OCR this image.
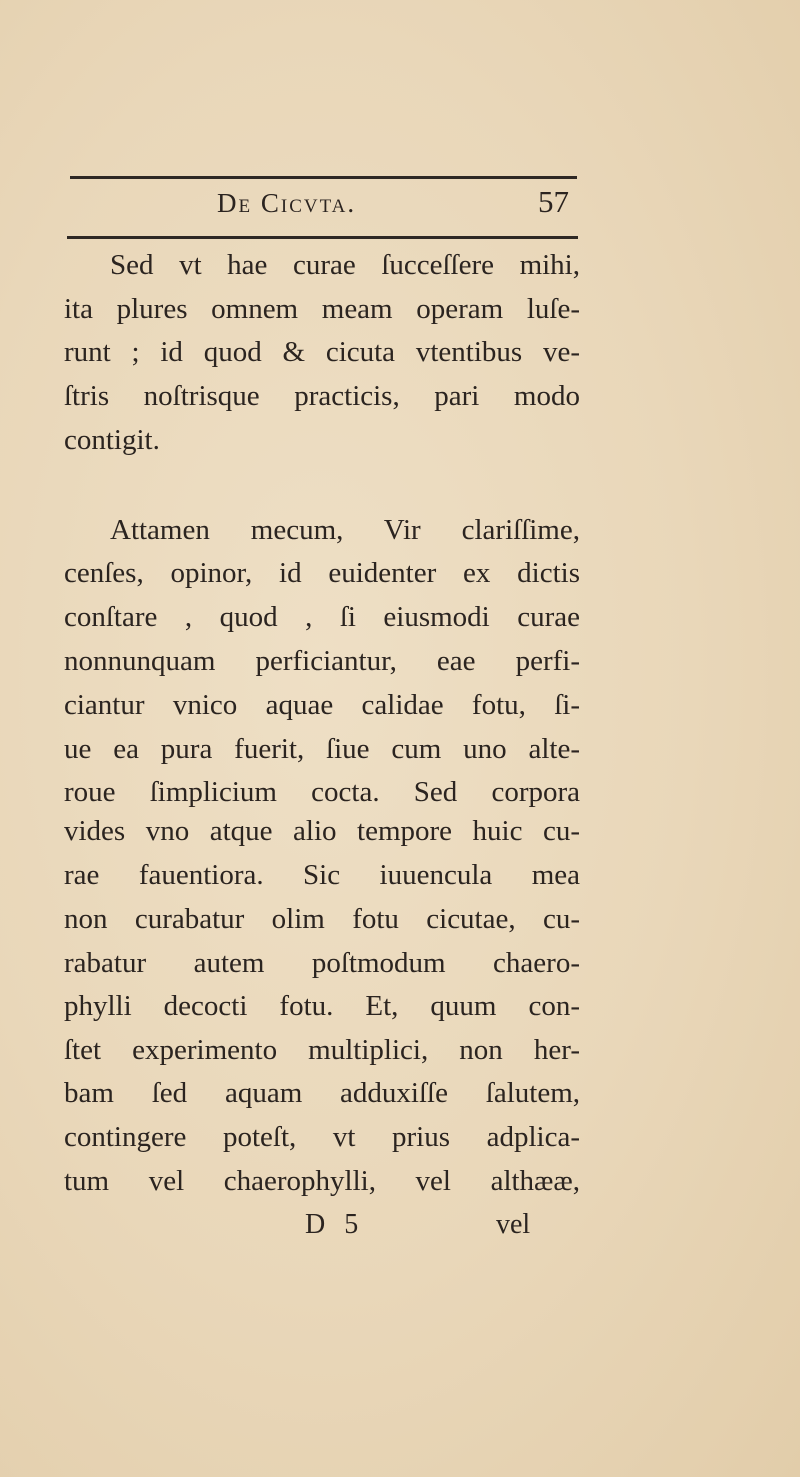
De Cicvta.	57
Sed vt hae curae ſucceſſere mihi,
ita plures omnem meam operam luſe-
runt ; id quod & cicuta vtentibus ve-
ſtris noſtrisque practicis, pari modo
contigit.
Attamen mecum, Vir clariſſime,
cenſes, opinor, id euidenter ex dictis
conſtare , quod , ſi eiusmodi curae
nonnunquam perficiantur, eae perfi-
ciantur vnico aquae calidae fotu, ſi-
ue ea pura fuerit, ſiue cum uno alte-
roue ſimplicium cocta. Sed corpora
vides vno atque alio tempore huic cu-
rae fauentiora. Sic iuuencula mea
non curabatur olim fotu cicutae, cu-
rabatur autem poſtmodum chaero-
phylli decocti fotu. Et, quum con-
ſtet experimento multiplici, non her-
bam ſed aquam adduxiſſe ſalutem,
contingere poteſt, vt prius adplica-
tum vel chaerophylli, vel althææ,
D 5	vel
